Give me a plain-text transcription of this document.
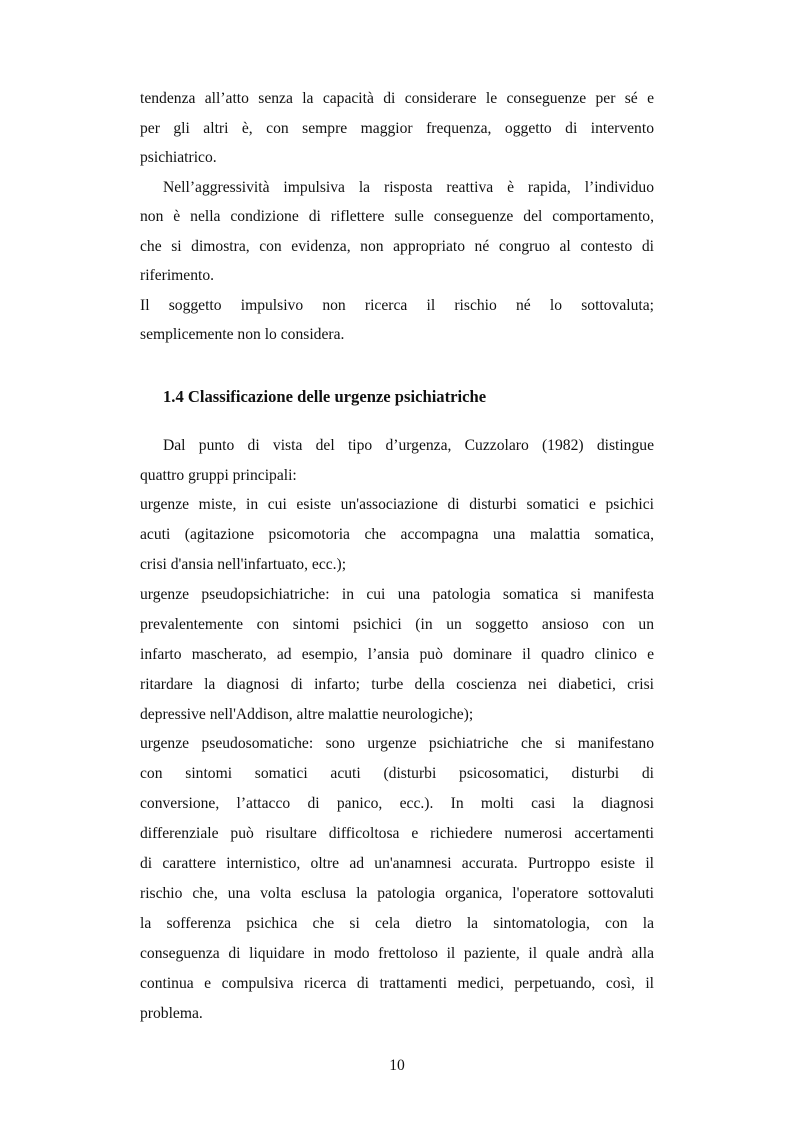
tendenza all’atto senza la capacità di considerare le conseguenze per sé e
per gli altri è, con sempre maggior frequenza, oggetto di intervento
psichiatrico.
Nell’aggressività impulsiva la risposta reattiva è rapida, l’individuo
non è nella condizione di riflettere sulle conseguenze del comportamento,
che si dimostra, con evidenza, non appropriato né congruo al contesto di
riferimento.
Il soggetto impulsivo non ricerca il rischio né lo sottovaluta;
semplicemente non lo considera.
1.4 Classificazione delle urgenze psichiatriche
Dal punto di vista del tipo d’urgenza, Cuzzolaro (1982) distingue
quattro gruppi principali:
urgenze miste, in cui esiste un'associazione di disturbi somatici e psichici
acuti (agitazione psicomotoria che accompagna una malattia somatica,
crisi d'ansia nell'infartuato, ecc.);
urgenze pseudopsichiatriche: in cui una patologia somatica si manifesta
prevalentemente con sintomi psichici (in un soggetto ansioso con un
infarto mascherato, ad esempio, l’ansia può dominare il quadro clinico e
ritardare la diagnosi di infarto; turbe della coscienza nei diabetici, crisi
depressive nell'Addison, altre malattie neurologiche);
urgenze pseudosomatiche: sono urgenze psichiatriche che si manifestano
con sintomi somatici acuti (disturbi psicosomatici, disturbi di
conversione, l’attacco di panico, ecc.). In molti casi la diagnosi
differenziale può risultare difficoltosa e richiedere numerosi accertamenti
di carattere internistico, oltre ad un'anamnesi accurata. Purtroppo esiste il
rischio che, una volta esclusa la patologia organica, l'operatore sottovaluti
la sofferenza psichica che si cela dietro la sintomatologia, con la
conseguenza di liquidare in modo frettoloso il paziente, il quale andrà alla
continua e compulsiva ricerca di trattamenti medici, perpetuando, così, il
problema.
10
